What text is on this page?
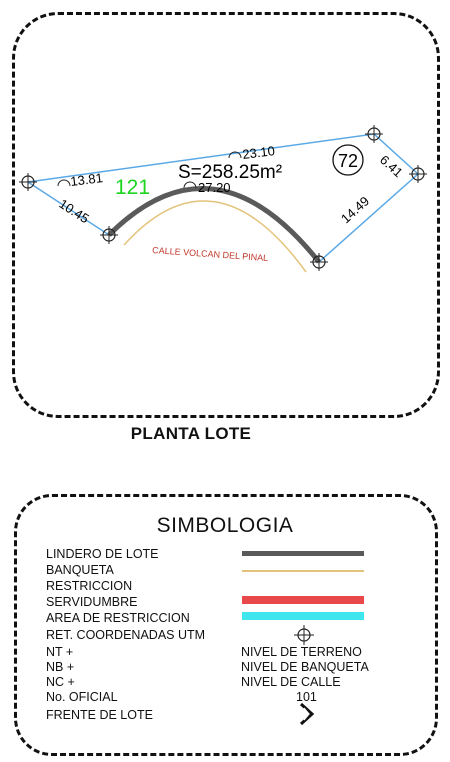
13.81
23.10
27.20
10.45	14.49
6.41
121
S=258.25m²
72
CALLE VOLCAN DEL PINAL
PLANTA LOTE
SIMBOLOGIA
LINDERO DE LOTE
BANQUETA
RESTRICCION
SERVIDUMBRE
AREA DE RESTRICCION
RET. COORDENADAS UTM
NT +	NIVEL DE TERRENO
NB +	NIVEL DE BANQUETA
NC +	NIVEL DE CALLE
No. OFICIAL	101
FRENTE DE LOTE
